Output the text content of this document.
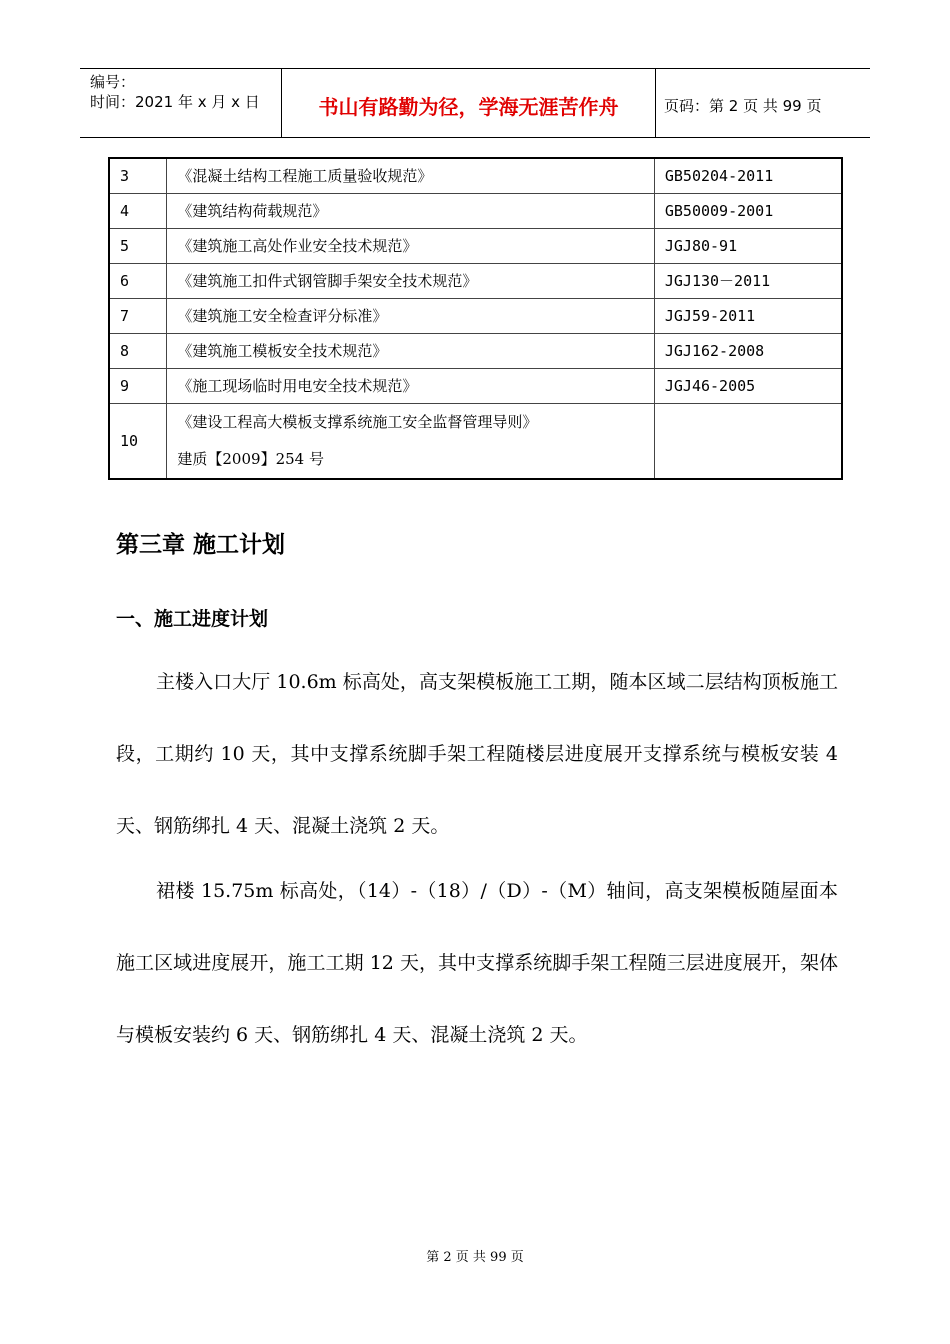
编号：
时间：2021 年 x 月 x 日	书山有路勤为径，学海无涯苦作舟	页码：第 2 页 共 99 页
3	《混凝土结构工程施工质量验收规范》	GB50204-2011
4	《建筑结构荷载规范》	GB50009-2001
5	《建筑施工高处作业安全技术规范》	JGJ80-91
6	《建筑施工扣件式钢管脚手架安全技术规范》	JGJ130－2011
7	《建筑施工安全检查评分标准》	JGJ59-2011
8	《建筑施工模板安全技术规范》	JGJ162-2008
9	《施工现场临时用电安全技术规范》	JGJ46-2005
10	《建设工程高大模板支撑系统施工安全监督管理导则》
建质【2009】254 号	

第三章 施工计划
一、施工进度计划

主楼入口大厅 10.6m 标高处，高支架模板施工工期，随本区域二层结构顶板施工段，工期约 10 天，其中支撑系统脚手架工程随楼层进度展开支撑系统与模板安装 4 天、钢筋绑扎 4 天、混凝土浇筑 2 天。

裙楼 15.75m 标高处，（14）-（18）/（D）-（M）轴间，高支架模板随屋面本施工区域进度展开，施工工期 12 天，其中支撑系统脚手架工程随三层进度展开，架体与模板安装约 6 天、钢筋绑扎 4 天、混凝土浇筑 2 天。

第 2 页 共 99 页
